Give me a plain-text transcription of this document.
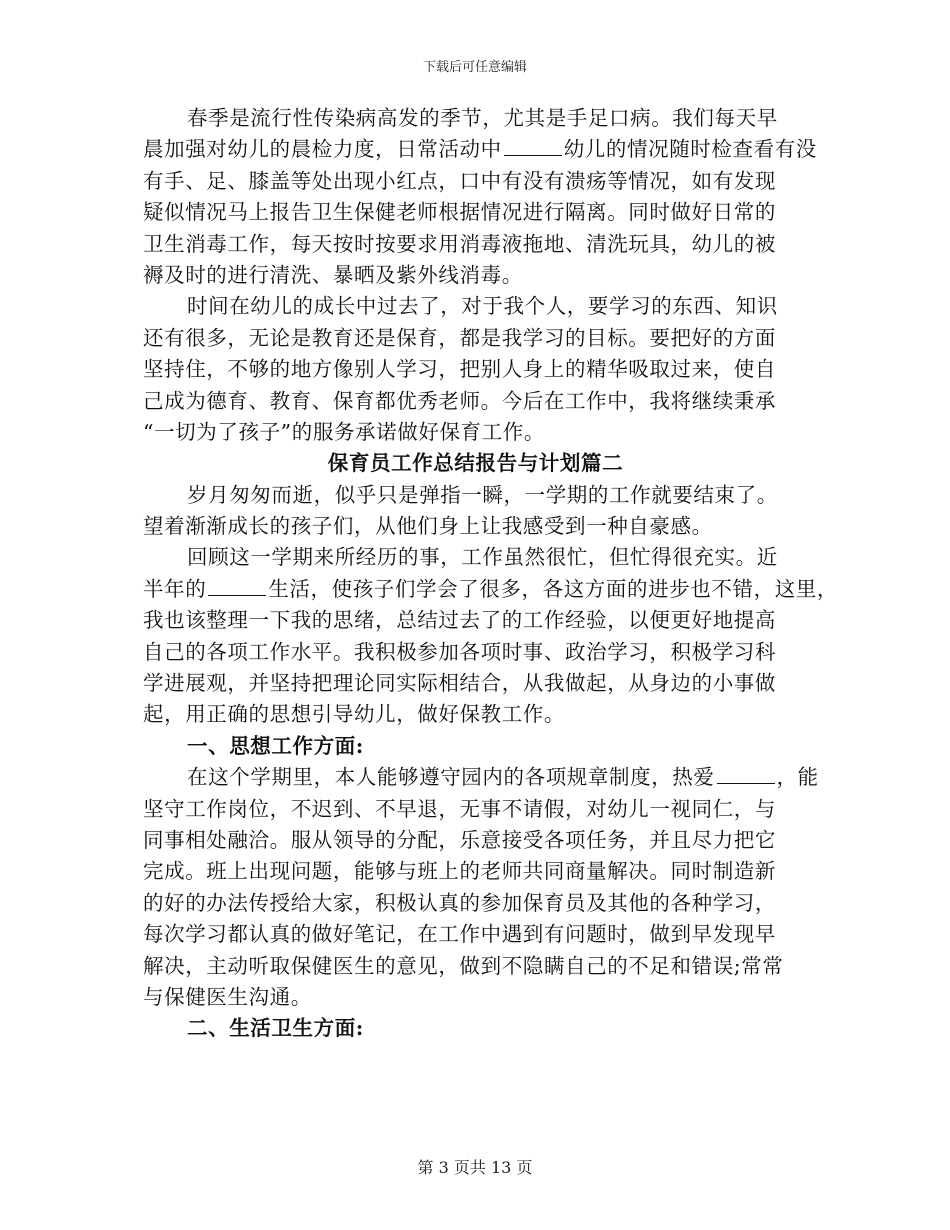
下载后可任意编辑
春季是流行性传染病高发的季节，尤其是手足口病。我们每天早
晨加强对幼儿的晨检力度，日常活动中	幼儿的情况随时检查看有没
有手、足、膝盖等处出现小红点，口中有没有溃疡等情况，如有发现
疑似情况马上报告卫生保健老师根据情况进行隔离。同时做好日常的
卫生消毒工作，每天按时按要求用消毒液拖地、清洗玩具，幼儿的被
褥及时的进行清洗、暴晒及紫外线消毒。
时间在幼儿的成长中过去了，对于我个人，要学习的东西、知识
还有很多，无论是教育还是保育，都是我学习的目标。要把好的方面
坚持住，不够的地方像别人学习，把别人身上的精华吸取过来，使自
己成为德育、教育、保育都优秀老师。今后在工作中，我将继续秉承
“一切为了孩子”的服务承诺做好保育工作。
保育员工作总结报告与计划篇二
岁月匆匆而逝，似乎只是弹指一瞬，一学期的工作就要结束了。
望着渐渐成长的孩子们，从他们身上让我感受到一种自豪感。
回顾这一学期来所经历的事，工作虽然很忙，但忙得很充实。近
半年的	生活，使孩子们学会了很多，各这方面的进步也不错，这里，
我也该整理一下我的思绪，总结过去了的工作经验，以便更好地提高
自己的各项工作水平。我积极参加各项时事、政治学习，积极学习科
学进展观，并坚持把理论同实际相结合，从我做起，从身边的小事做
起，用正确的思想引导幼儿，做好保教工作。
一、思想工作方面:
在这个学期里，本人能够遵守园内的各项规章制度，热爱	，能
坚守工作岗位，不迟到、不早退，无事不请假，对幼儿一视同仁，与
同事相处融洽。服从领导的分配，乐意接受各项任务，并且尽力把它
完成。班上出现问题，能够与班上的老师共同商量解决。同时制造新
的好的办法传授给大家，积极认真的参加保育员及其他的各种学习，
每次学习都认真的做好笔记，在工作中遇到有问题时，做到早发现早
解决，主动听取保健医生的意见，做到不隐瞒自己的不足和错误;常常
与保健医生沟通。
二、生活卫生方面:
第 3 页共 13 页
